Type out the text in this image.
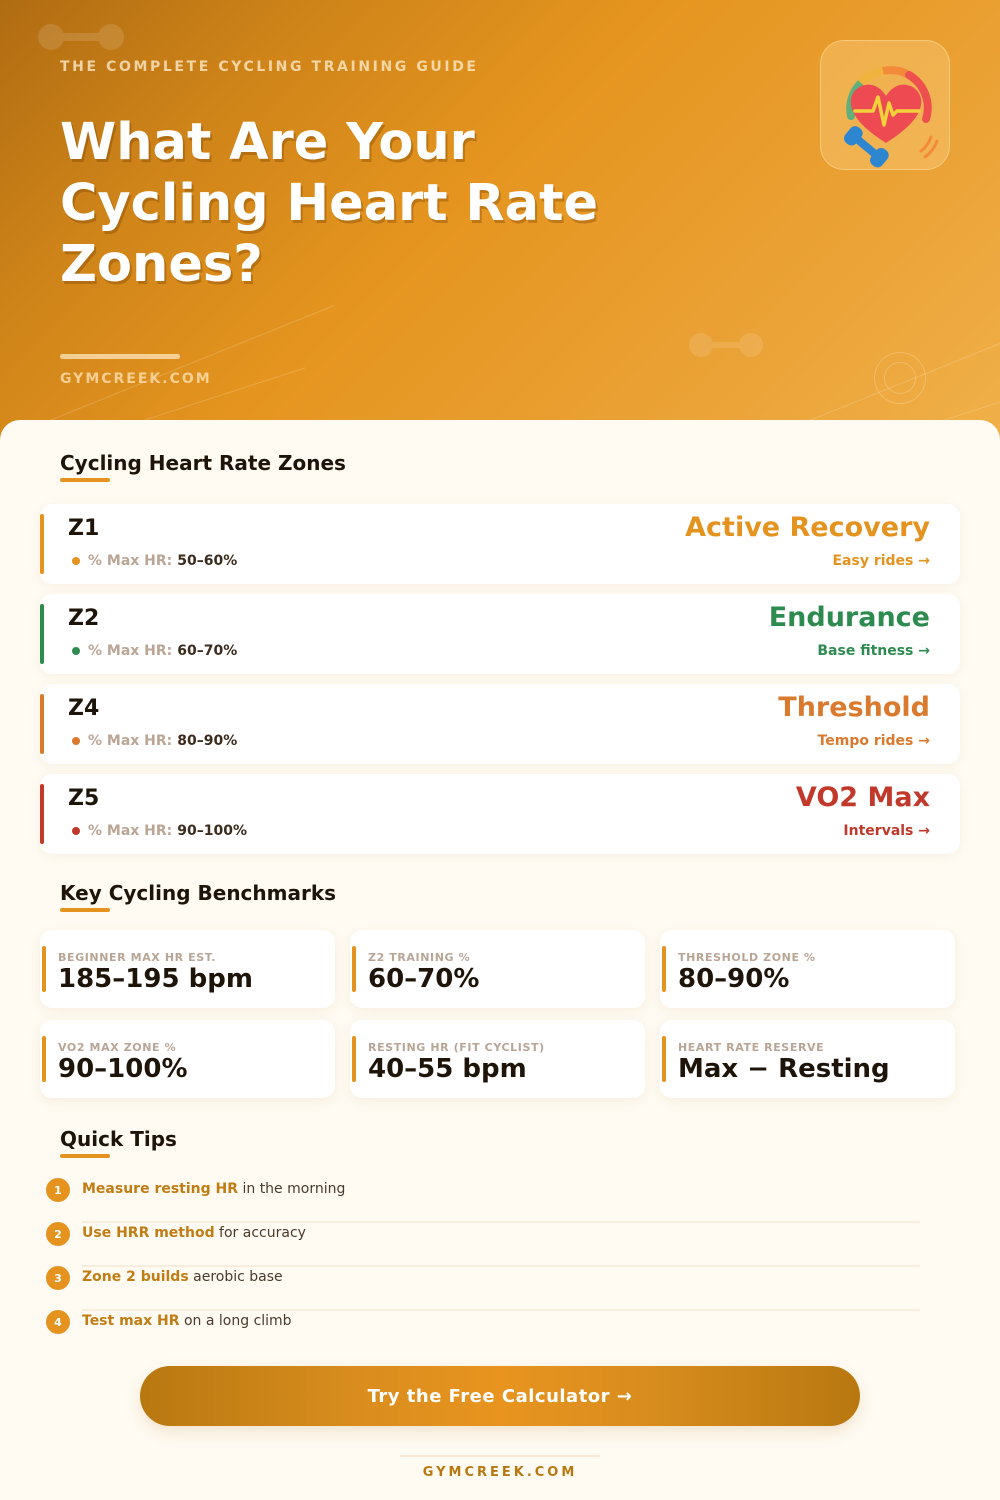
THE COMPLETE CYCLING TRAINING GUIDE
What Are Your
Cycling Heart Rate
Zones?
GYMCREEK.COM
Cycling Heart Rate Zones
Z1
% Max HR: 50–60%
Active Recovery
Easy rides →
Z2
% Max HR: 60–70%
Endurance
Base fitness →
Z4
% Max HR: 80–90%
Threshold
Tempo rides →
Z5
% Max HR: 90–100%
VO2 Max
Intervals →
Key Cycling Benchmarks
BEGINNER MAX HR EST.
185–195 bpm
Z2 TRAINING %
60–70%
THRESHOLD ZONE %
80–90%
VO2 MAX ZONE %
90–100%
RESTING HR (FIT CYCLIST)
40–55 bpm
HEART RATE RESERVE
Max − Resting
Quick Tips
1	Measure resting HR in the morning
2	Use HRR method for accuracy
3	Zone 2 builds aerobic base
4	Test max HR on a long climb
Try the Free Calculator →
GYMCREEK.COM
